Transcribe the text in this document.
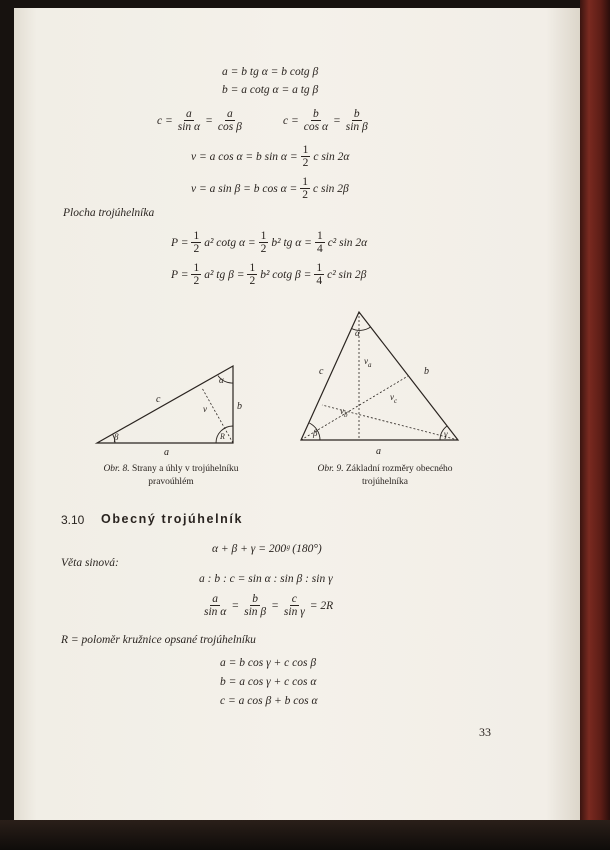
a = b tg α = b cotg β
b = a cotg α = a tg β
$c = \frac{a}{\text{sin α}} = \frac{a}{\text{cos β}}$	$c = \frac{b}{\text{cos α}} = \frac{b}{\text{sin β}}$
v = a cos α = b $\sin \alpha = \frac{1}{2}$ c sin 2α
v = a sin β = b $\cos \alpha = \frac{1}{2}$ c sin 2β
Plocha trojúhelníka
$P = \frac{1}{2} a^2$ cotg $\alpha = \frac{1}{2} b^2$ tg $\alpha = \frac{1}{4} c^2$ sin 2α
$P = \frac{1}{2} a^2$ tg $\beta = \frac{1}{2} b^2$ cotg $\beta = \frac{1}{4} c^2$ sin 2β
a
b
c
v
β
α
R
Obr. 8. Strany a úhly v trojúhelníku
pravoúhlém
a
b
c
$v_a$
$v_b$
$v_c$
α
β	γ
Obr. 9. Základní rozměry obecného
trojúhelníka
3.10 Obecný trojúhelník
α + β + γ = 200ᵍ (180°)
Věta sinová:
a : b : c = sin α : sin β : sin γ
$\frac{a}{\text{sin α}} = \frac{b}{\text{sin β}} = \frac{c}{\text{sin γ}} = 2R$
R = poloměr kružnice opsané trojúhelníku
a = b cos γ + c cos β
b = a cos γ + c cos α
c = a cos β + b cos α
33
